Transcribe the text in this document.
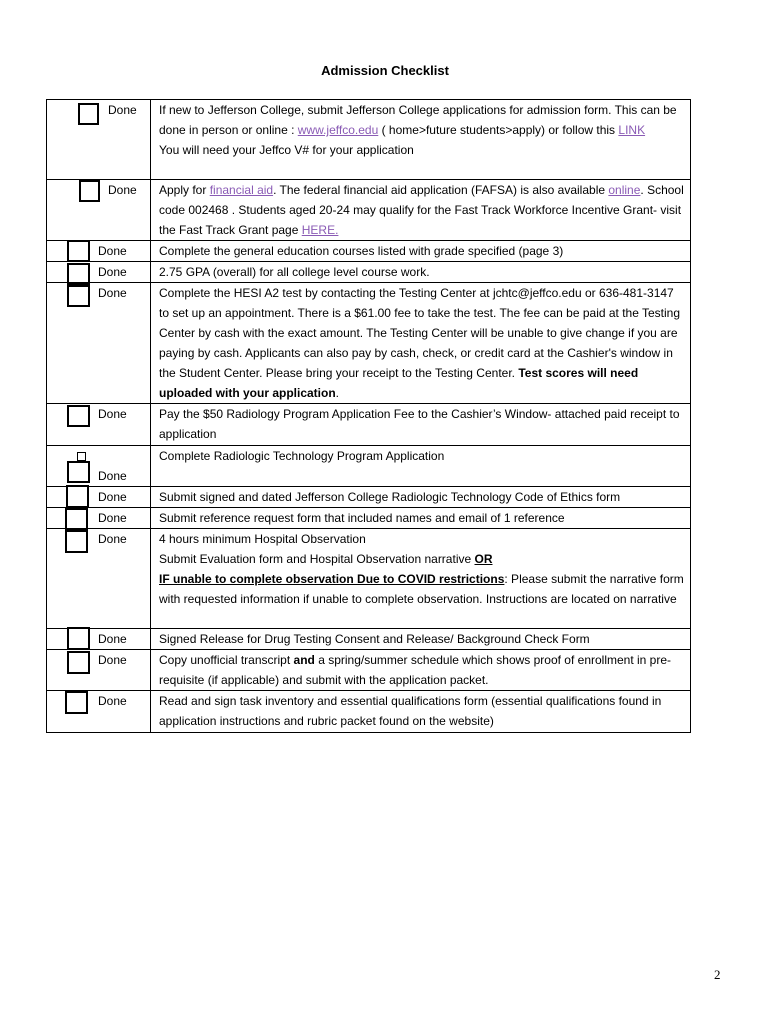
Admission Checklist
Done	If new to Jefferson College, submit Jefferson College applications for admission form. This can be done in person or online : www.jeffco.edu ( home>future students>apply) or follow this LINK
You will need your Jeffco V# for your application

Done	Apply for financial aid. The federal financial aid application (FAFSA) is also available online. School code 002468 . Students aged 20-24 may qualify for the Fast Track Workforce Incentive Grant- visit the Fast Track Grant page HERE.

Done	Complete the general education courses listed with grade specified (page 3)

Done	2.75 GPA (overall) for all college level course work.

Done	Complete the HESI A2 test by contacting the Testing Center at jchtc@jeffco.edu or 636-481-3147 to set up an appointment. There is a $61.00 fee to take the test. The fee can be paid at the Testing Center by cash with the exact amount. The Testing Center will be unable to give change if you are paying by cash. Applicants can also pay by cash, check, or credit card at the Cashier's window in the Student Center. Please bring your receipt to the Testing Center. Test scores will need uploaded with your application.

Done	Pay the $50 Radiology Program Application Fee to the Cashier’s Window- attached paid receipt to application

Done	Complete Radiologic Technology Program Application

Done	Submit signed and dated Jefferson College Radiologic Technology Code of Ethics form

Done	Submit reference request form that included names and email of 1 reference

Done	4 hours minimum Hospital Observation
Submit Evaluation form and Hospital Observation narrative OR
IF unable to complete observation Due to COVID restrictions: Please submit the narrative form with requested information if unable to complete observation. Instructions are located on narrative

Done	Signed Release for Drug Testing Consent and Release/ Background Check Form

Done	Copy unofficial transcript and a spring/summer schedule which shows proof of enrollment in pre-requisite (if applicable) and submit with the application packet.

Done	Read and sign task inventory and essential qualifications form (essential qualifications found in application instructions and rubric packet found on the website)
2
